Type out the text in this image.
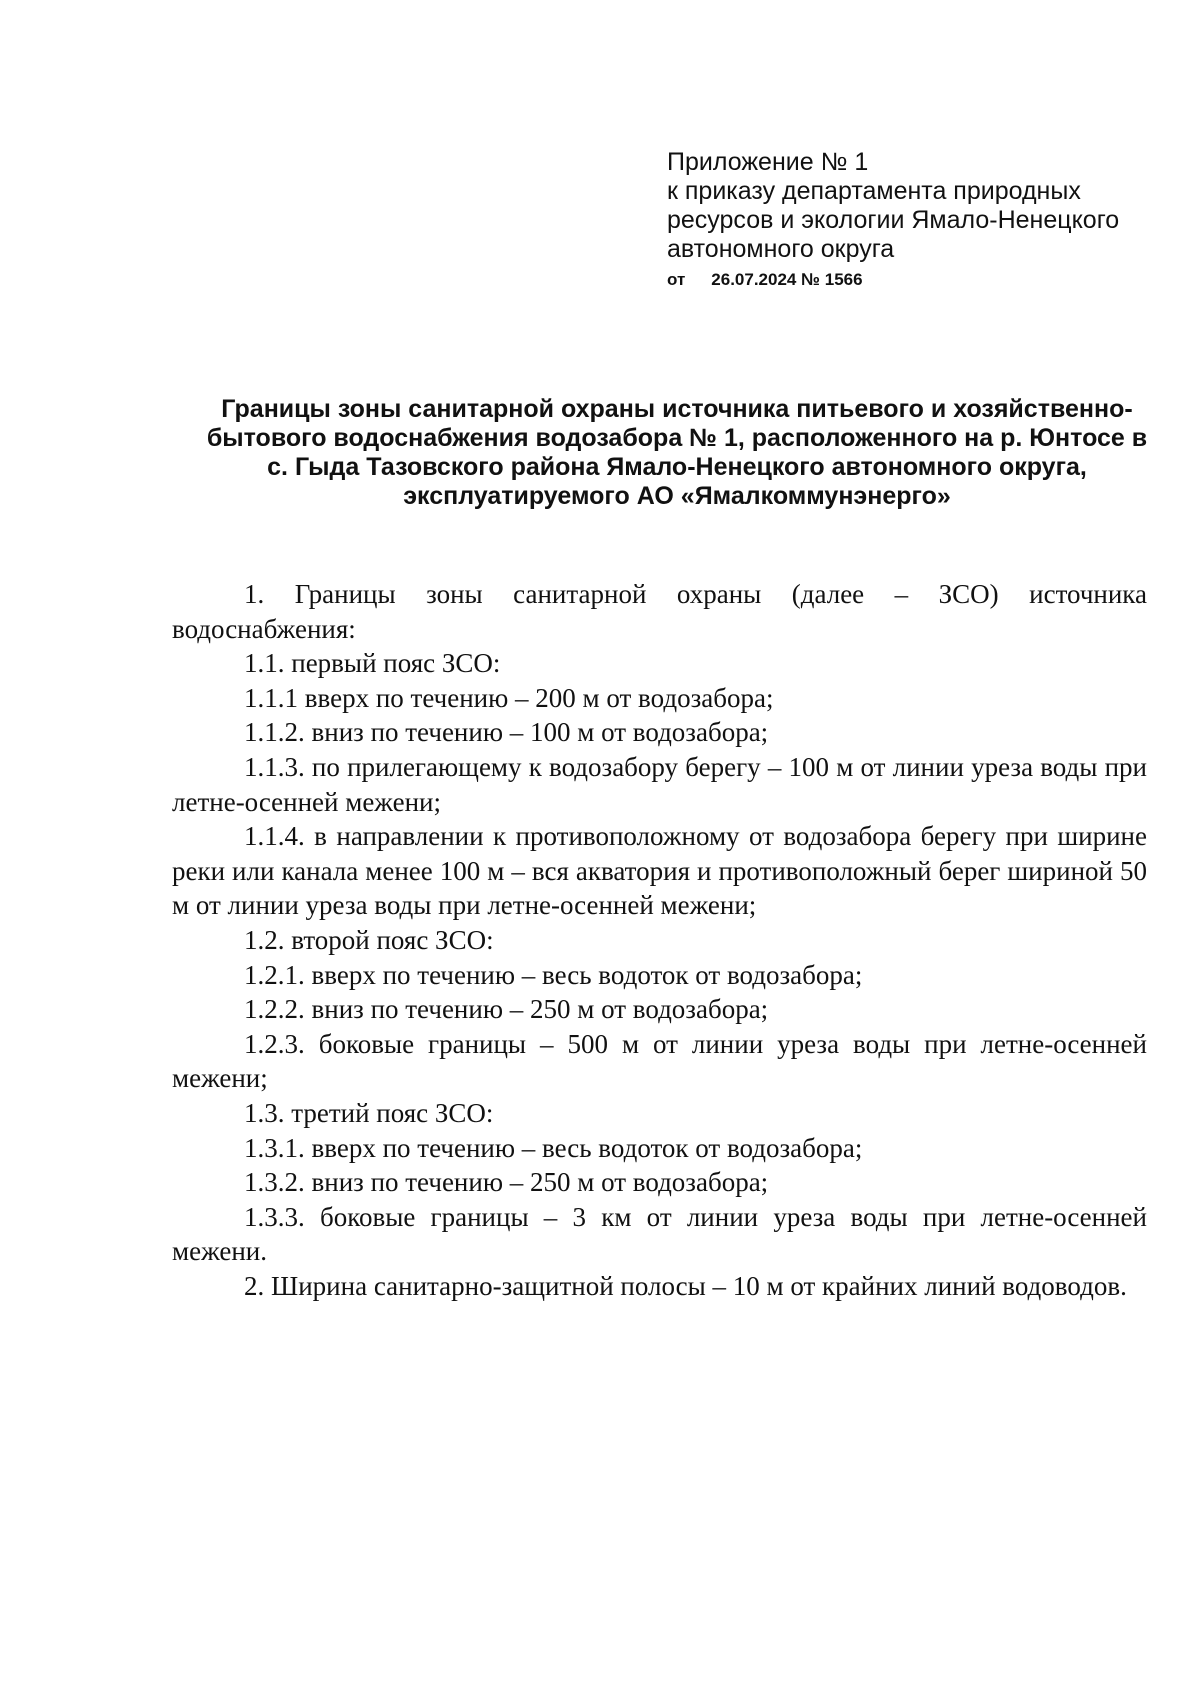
Приложение № 1
к приказу департамента природных
ресурсов и экологии Ямало-Ненецкого
автономного округа
от 26.07.2024 № 1566
Границы зоны санитарной охраны источника питьевого и хозяйственно-
бытового водоснабжения водозабора № 1, расположенного на р. Юнтосе в
с. Гыда Тазовского района Ямало-Ненецкого автономного округа,
эксплуатируемого АО «Ямалкоммунэнерго»

1. Границы зоны санитарной охраны (далее – ЗСО) источника водоснабжения:

1.1. первый пояс ЗСО:

1.1.1 вверх по течению – 200 м от водозабора;

1.1.2. вниз по течению – 100 м от водозабора;

1.1.3. по прилегающему к водозабору берегу – 100 м от линии уреза воды при летне-осенней межени;

1.1.4. в направлении к противоположному от водозабора берегу при ширине реки или канала менее 100 м – вся акватория и противоположный берег шириной 50 м от линии уреза воды при летне-осенней межени;

1.2. второй пояс ЗСО:

1.2.1. вверх по течению – весь водоток от водозабора;

1.2.2. вниз по течению – 250 м от водозабора;

1.2.3. боковые границы – 500 м от линии уреза воды при летне-осенней межени;

1.3. третий пояс ЗСО:

1.3.1. вверх по течению – весь водоток от водозабора;

1.3.2. вниз по течению – 250 м от водозабора;

1.3.3. боковые границы – 3 км от линии уреза воды при летне-осенней межени.

2. Ширина санитарно-защитной полосы – 10 м от крайних линий водоводов.
